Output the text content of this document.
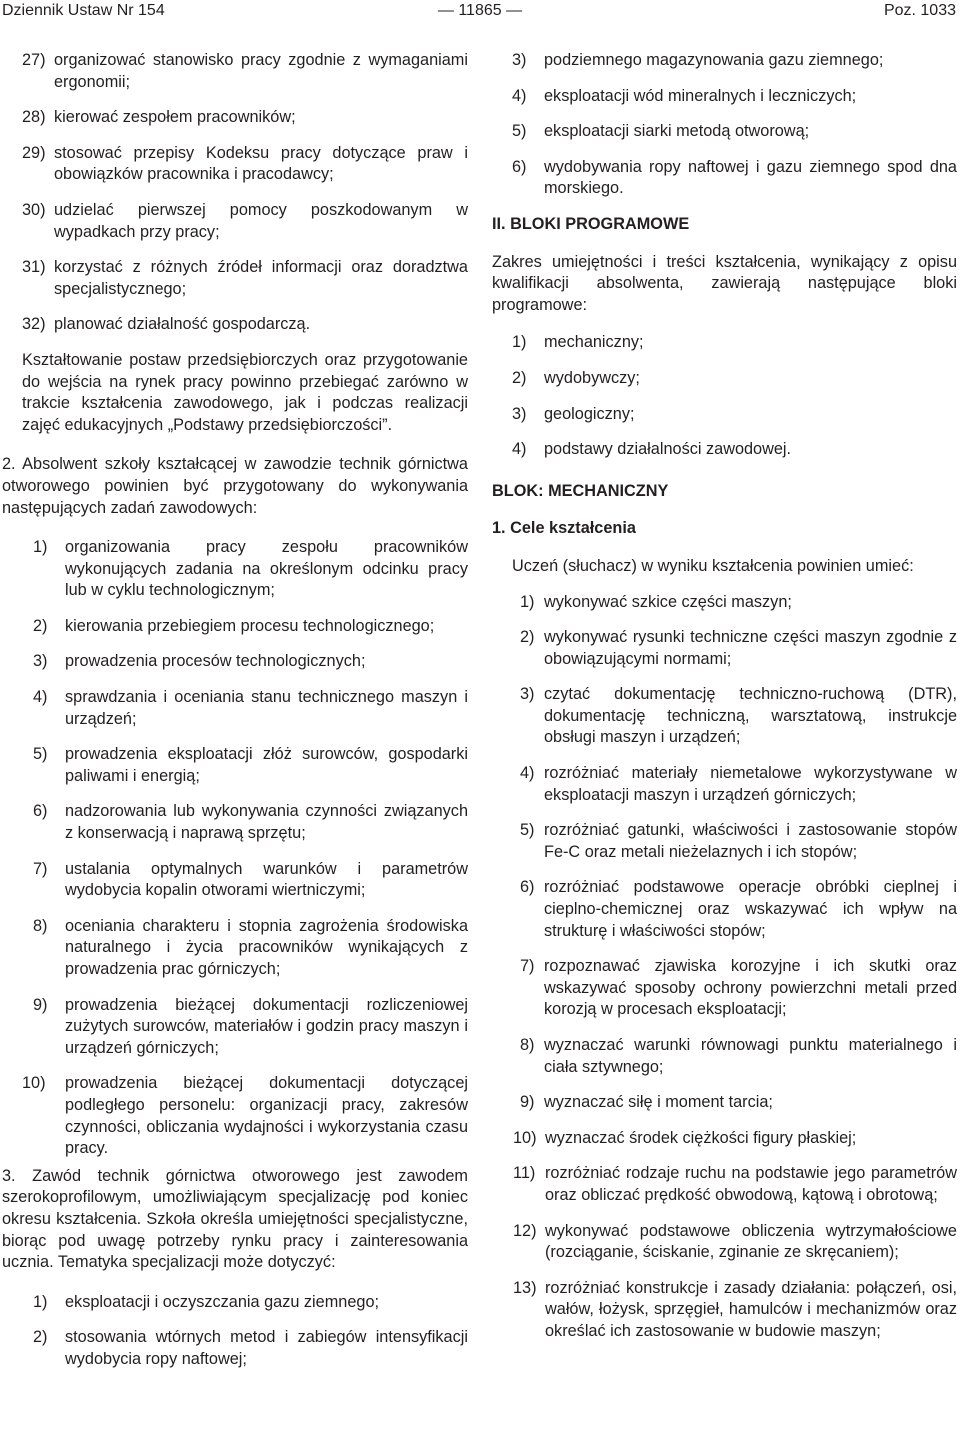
Dziennik Ustaw Nr 154	— 11865 —	Poz. 1033
27) organizować stanowisko pracy zgodnie z wymaganiami ergonomii;
28) kierować zespołem pracowników;
29) stosować przepisy Kodeksu pracy dotyczące praw i obowiązków pracownika i pracodawcy;
30) udzielać pierwszej pomocy poszkodowanym w wypadkach przy pracy;
31) korzystać z różnych źródeł informacji oraz doradztwa specjalistycznego;
32) planować działalność gospodarczą.

Kształtowanie postaw przedsiębiorczych oraz przygotowanie do wejścia na rynek pracy powinno przebiegać zarówno w trakcie kształcenia zawodowego, jak i podczas realizacji zajęć edukacyjnych „Podstawy przedsiębiorczości”.

2. Absolwent szkoły kształcącej w zawodzie technik górnictwa otworowego powinien być przygotowany do wykonywania następujących zadań zawodowych:

1) organizowania pracy zespołu pracowników wykonujących zadania na określonym odcinku pracy lub w cyklu technologicznym;
2) kierowania przebiegiem procesu technologicznego;
3) prowadzenia procesów technologicznych;
4) sprawdzania i oceniania stanu technicznego maszyn i urządzeń;
5) prowadzenia eksploatacji złóż surowców, gospodarki paliwami i energią;
6) nadzorowania lub wykonywania czynności związanych z konserwacją i naprawą sprzętu;
7) ustalania optymalnych warunków i parametrów wydobycia kopalin otworami wiertniczymi;
8) oceniania charakteru i stopnia zagrożenia środowiska naturalnego i życia pracowników wynikających z prowadzenia prac górniczych;
9) prowadzenia bieżącej dokumentacji rozliczeniowej zużytych surowców, materiałów i godzin pracy maszyn i urządzeń górniczych;
10) prowadzenia bieżącej dokumentacji dotyczącej podległego personelu: organizacji pracy, zakresów czynności, obliczania wydajności i wykorzystania czasu pracy.

3. Zawód technik górnictwa otworowego jest zawodem szerokoprofilowym, umożliwiającym specjalizację pod koniec okresu kształcenia. Szkoła określa umiejętności specjalistyczne, biorąc pod uwagę potrzeby rynku pracy i zainteresowania ucznia. Tematyka specjalizacji może dotyczyć:

1) eksploatacji i oczyszczania gazu ziemnego;
2) stosowania wtórnych metod i zabiegów intensyfikacji wydobycia ropy naftowej;
3) podziemnego magazynowania gazu ziemnego;
4) eksploatacji wód mineralnych i leczniczych;
5) eksploatacji siarki metodą otworową;
6) wydobywania ropy naftowej i gazu ziemnego spod dna morskiego.
II. BLOKI PROGRAMOWE

Zakres umiejętności i treści kształcenia, wynikający z opisu kwalifikacji absolwenta, zawierają następujące bloki programowe:

1) mechaniczny;
2) wydobywczy;
3) geologiczny;
4) podstawy działalności zawodowej.
BLOK: MECHANICZNY
1. Cele kształcenia

Uczeń (słuchacz) w wyniku kształcenia powinien umieć:

1) wykonywać szkice części maszyn;
2) wykonywać rysunki techniczne części maszyn zgodnie z obowiązującymi normami;
3) czytać dokumentację techniczno-ruchową (DTR), dokumentację techniczną, warsztatową, instrukcje obsługi maszyn i urządzeń;
4) rozróżniać materiały niemetalowe wykorzystywane w eksploatacji maszyn i urządzeń górniczych;
5) rozróżniać gatunki, właściwości i zastosowanie stopów Fe-C oraz metali nieżelaznych i ich stopów;
6) rozróżniać podstawowe operacje obróbki cieplnej i cieplno-chemicznej oraz wskazywać ich wpływ na strukturę i właściwości stopów;
7) rozpoznawać zjawiska korozyjne i ich skutki oraz wskazywać sposoby ochrony powierzchni metali przed korozją w procesach eksploatacji;
8) wyznaczać warunki równowagi punktu materialnego i ciała sztywnego;
9) wyznaczać siłę i moment tarcia;
10) wyznaczać środek ciężkości figury płaskiej;
11) rozróżniać rodzaje ruchu na podstawie jego parametrów oraz obliczać prędkość obwodową, kątową i obrotową;
12) wykonywać podstawowe obliczenia wytrzymałościowe (rozciąganie, ściskanie, zginanie ze skręcaniem);
13) rozróżniać konstrukcje i zasady działania: połączeń, osi, wałów, łożysk, sprzęgieł, hamulców i mechanizmów oraz określać ich zastosowanie w budowie maszyn;
